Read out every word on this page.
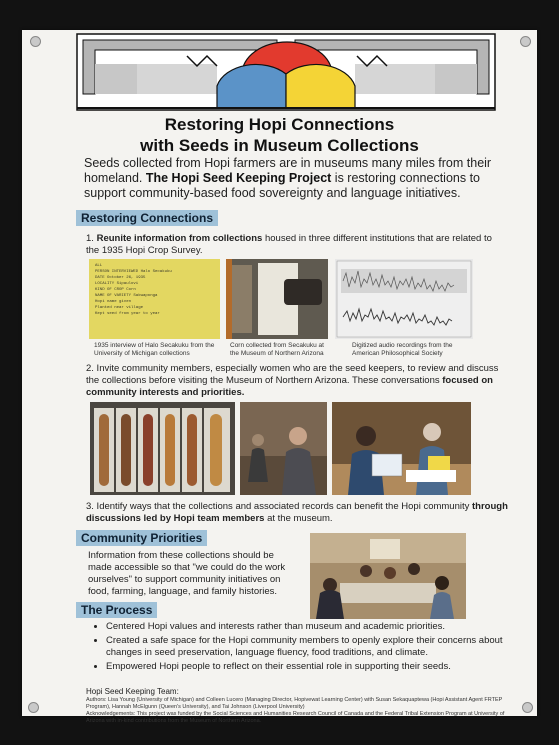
Restoring Hopi Connections
with Seeds in Museum Collections
Seeds collected from Hopi farmers are in museums many miles from their homeland. The Hopi Seed Keeping Project is restoring connections to support community-based food sovereignty and language initiatives.
Restoring Connections
1. Reunite information from collections housed in three different institutions that are related to the 1935 Hopi Crop Survey.
ALL
PERSON INTERVIEWED Halo Secakuku
DATE October 26, 1935
LOCALITY Sipaulovi
KIND OF CROP Corn
NAME OF VARIETY Sakwaponga
Hopi name given
Planted near village
Kept seed from year to year
1935 interview of Halo Secakuku from the University of Michigan collections
Corn collected from Secakuku at the Museum of Northern Arizona
Digitized audio recordings from the American Philosophical Society
2. Invite community members, especially women who are the seed keepers, to review and discuss the collections before visiting the Museum of Northern Arizona. These conversations focused on community interests and priorities.
3. Identify ways that the collections and associated records can benefit the Hopi community through discussions led by Hopi team members at the museum.
Community Priorities
Information from these collections should be made accessible so that "we could do the work ourselves" to support community initiatives on food, farming, language, and family histories.
The Process
• Centered Hopi values and interests rather than museum and academic priorities.
• Created a safe space for the Hopi community members to openly explore their concerns about changes in seed preservation, language fluency, food traditions, and climate.
• Empowered Hopi people to reflect on their essential role in supporting their seeds.
Hopi Seed Keeping Team:
Authors: Lisa Young (University of Michigan) and Colleen Lucero (Managing Director, Hopivewat Learning Center) with Susan Sekaquaptewa (Hopi Assistant Agent FRTEP Program), Hannah McElgunn (Queen's University), and Tai Johnson (Liverpool University)
Acknowledgements: This project was funded by the Social Sciences and Humanities Research Council of Canada and the Federal Tribal Extension Program at University of Arizona with in-kind contributions from the Museum of Northern Arizona.
